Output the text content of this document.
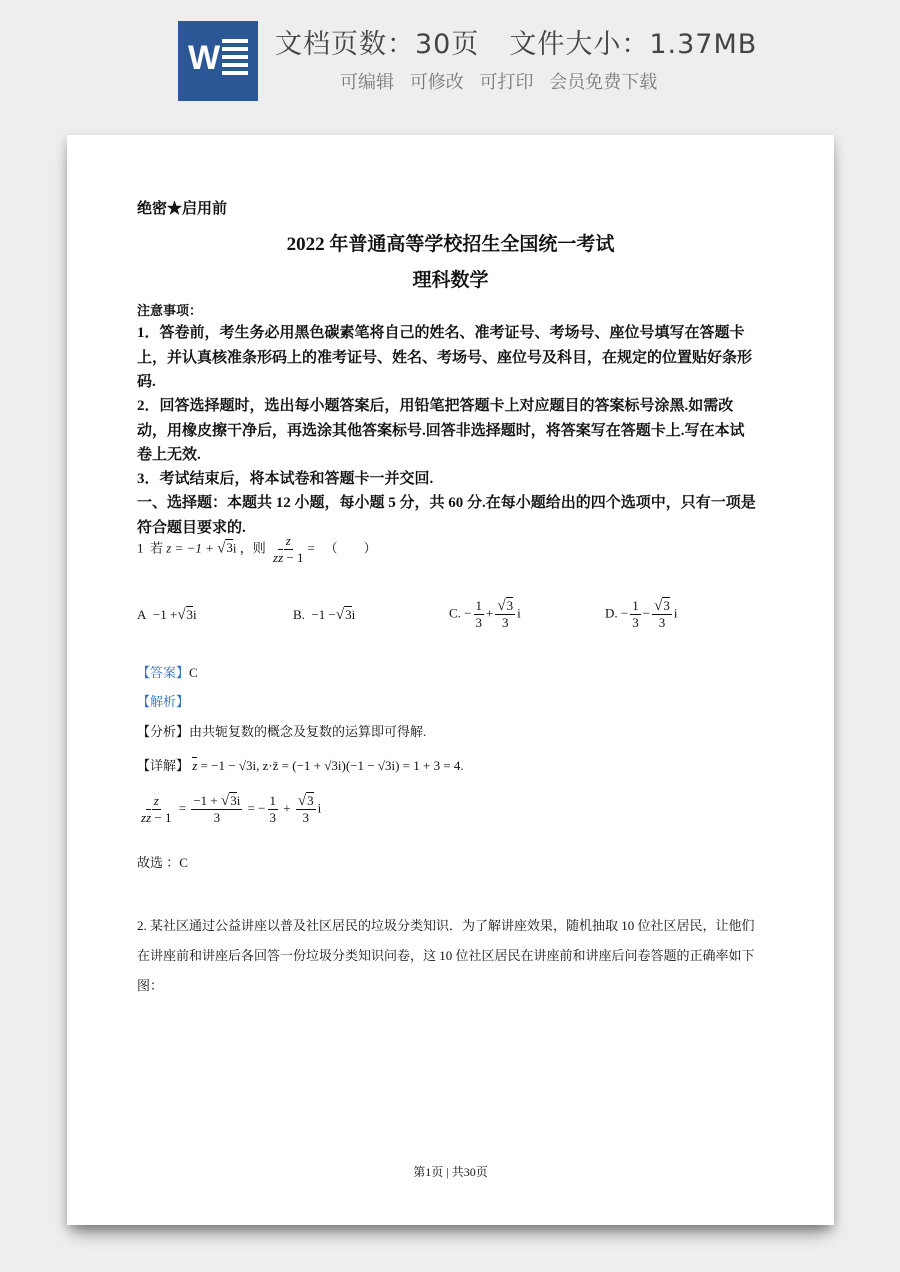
W 文档页数：30页 文件大小：1.37MB
可编辑 可修改 可打印 会员免费下载
绝密★启用前
2022 年普通高等学校招生全国统一考试
理科数学
注意事项：
1．答卷前，考生务必用黑色碳素笔将自己的姓名、准考证号、考场号、座位号填写在答题卡上，并认真核准条形码上的准考证号、姓名、考场号、座位号及科目，在规定的位置贴好条形码.
2．回答选择题时，选出每小题答案后，用铅笔把答题卡上对应题目的答案标号涂黑.如需改动，用橡皮擦干净后，再选涂其他答案标号.回答非选择题时，将答案写在答题卡上.写在本试卷上无效.
3．考试结束后，将本试卷和答题卡一并交回.
一、选择题：本题共 12 小题，每小题 5 分，共 60 分.在每小题给出的四个选项中，只有一项是符合题目要求的.
1 若 z = −1 + √3i ，则 $\frac{z}{zz - 1}$ =   （　　）
A −1 +√3i	B. −1 −√3i	C. − $\frac{1}{3} + \frac{√3}{3}$ i	D. − $\frac{1}{3} - \frac{√3}{3}$ i
【答案】C
【解析】
【分析】由共轭复数的概念及复数的运算即可得解.
【详解】 z = −1 − √3i, z·z̄ = (−1 + √3i)(−1 − √3i) = 1 + 3 = 4.
$\frac{z}{zz - 1} = \frac{-1 + √3i}{3}$ = − $\frac{1}{3} + \frac{√3}{3}$ i
故选 ：C
2. 某社区通过公益讲座以普及社区居民的垃圾分类知识．为了解讲座效果，随机抽取 10 位社区居民，让他们在讲座前和讲座后各回答一份垃圾分类知识问卷，这 10 位社区居民在讲座前和讲座后问卷答题的正确率如下图：
第1页 | 共30页
